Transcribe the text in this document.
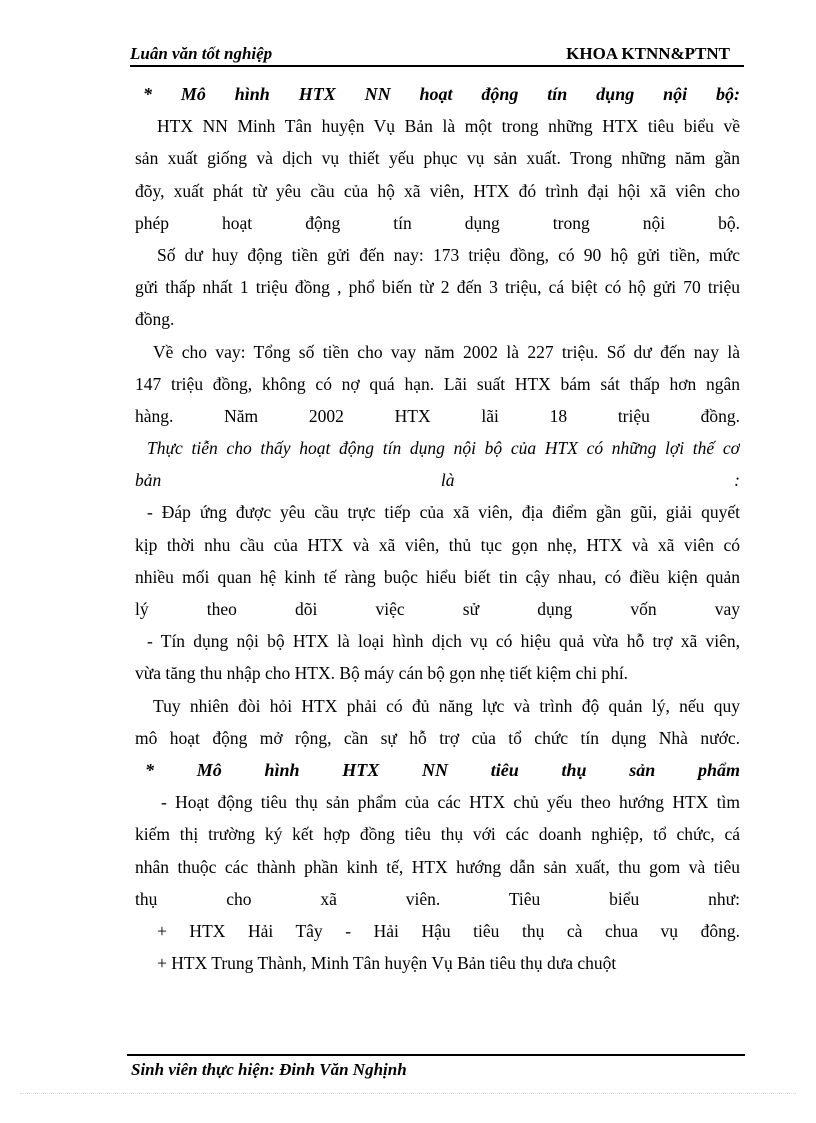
Luân văn tốt nghiệp	KHOA KTNN&PTNT
* Mô hình HTX NN hoạt động tín dụng nội bộ:
HTX NN Minh Tân huyện Vụ Bản là một trong những HTX tiêu biểu về
sản xuất giống và dịch vụ thiết yếu phục vụ sản xuất. Trong những năm gần
đõy, xuất phát từ yêu cầu của hộ xã viên, HTX đó trình đại hội xã viên cho
phép hoạt động tín dụng trong nội bộ.
Số dư huy động tiền gửi đến nay: 173 triệu đồng, có 90 hộ gửi tiền, mức
gửi thấp nhất 1 triệu đồng , phổ biến từ 2 đến 3 triệu, cá biệt có hộ gửi 70 triệu
đồng.
Về cho vay: Tổng số tiền cho vay năm 2002 là 227 triệu. Số dư đến nay là
147 triệu đồng, không có nợ quá hạn. Lãi suất HTX bám sát thấp hơn ngân
hàng. Năm 2002 HTX lãi 18 triệu đồng.
Thực tiễn cho thấy hoạt động tín dụng nội bộ của HTX có những lợi thế cơ
bản là :
- Đáp ứng được yêu cầu trực tiếp của xã viên, địa điểm gần gũi, giải quyết
kịp thời nhu cầu của HTX và xã viên, thủ tục gọn nhẹ, HTX và xã viên có
nhiều mối quan hệ kinh tế ràng buộc hiểu biết tin cậy nhau, có điều kiện quản
lý theo dõi việc sử dụng vốn vay
- Tín dụng nội bộ HTX là loại hình dịch vụ có hiệu quả vừa hỗ trợ xã viên,
vừa tăng thu nhập cho HTX. Bộ máy cán bộ gọn nhẹ tiết kiệm chi phí.
Tuy nhiên đòi hỏi HTX phải có đủ năng lực và trình độ quản lý, nếu quy
mô hoạt động mở rộng, cần sự hỗ trợ của tổ chức tín dụng Nhà nước.
* Mô hình HTX NN tiêu thụ sản phẩm
- Hoạt động tiêu thụ sản phẩm của các HTX chủ yếu theo hướng HTX tìm
kiếm thị trường ký kết hợp đồng tiêu thụ với các doanh nghiệp, tổ chức, cá
nhân thuộc các thành phần kinh tế, HTX hướng dẫn sản xuất, thu gom và tiêu
thụ cho xã viên. Tiêu biểu như:
+ HTX Hải Tây - Hải Hậu tiêu thụ cà chua vụ đông.
+ HTX Trung Thành, Minh Tân huyện Vụ Bản tiêu thụ dưa chuột
Sinh viên thực hiện: Đinh Văn Nghịnh
